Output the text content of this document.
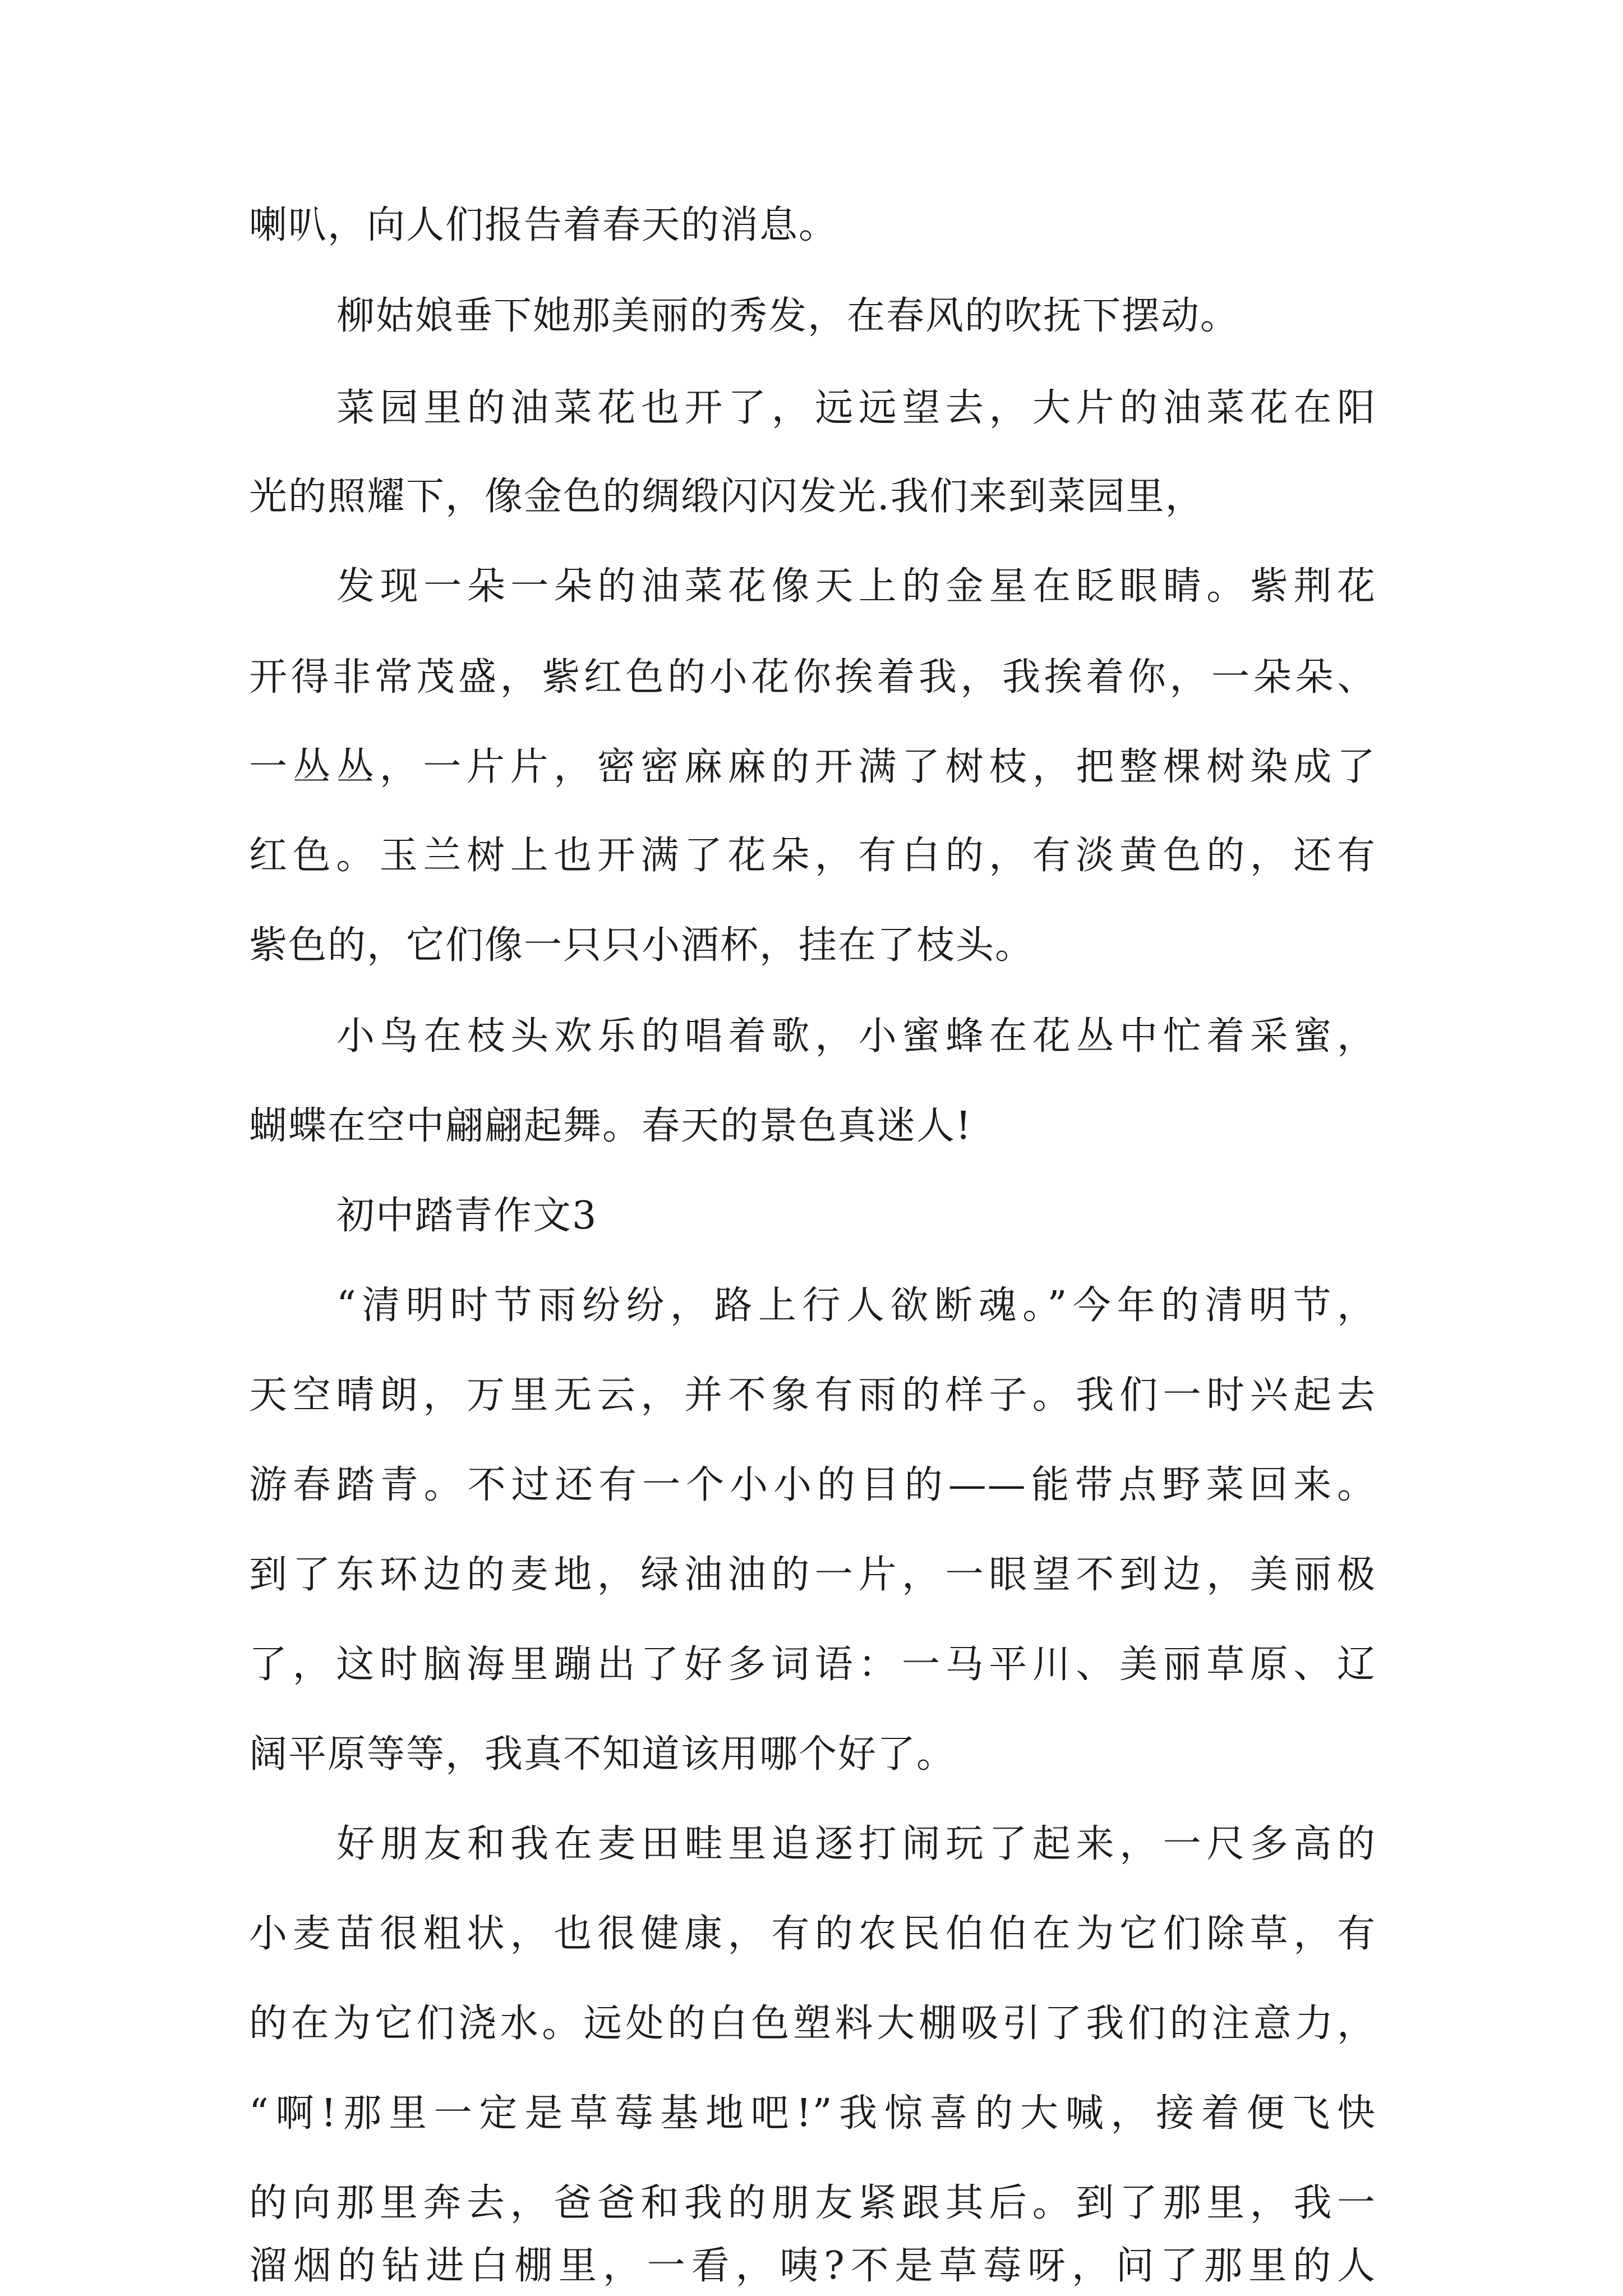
喇叭，向人们报告着春天的消息。
柳姑娘垂下她那美丽的秀发，在春风的吹抚下摆动。
菜园里的油菜花也开了，远远望去，大片的油菜花在阳
光的照耀下，像金色的绸缎闪闪发光.我们来到菜园里，
发现一朵一朵的油菜花像天上的金星在眨眼睛。紫荆花
开得非常茂盛，紫红色的小花你挨着我，我挨着你，一朵朵、
一丛丛，一片片，密密麻麻的开满了树枝，把整棵树染成了
红色。玉兰树上也开满了花朵，有白的，有淡黄色的，还有
紫色的，它们像一只只小酒杯，挂在了枝头。
小鸟在枝头欢乐的唱着歌，小蜜蜂在花丛中忙着采蜜，
蝴蝶在空中翩翩起舞。春天的景色真迷人!
初中踏青作文3
“清明时节雨纷纷，路上行人欲断魂。”今年的清明节，
天空晴朗，万里无云，并不象有雨的样子。我们一时兴起去
游春踏青。不过还有一个小小的目的——能带点野菜回来。
到了东环边的麦地，绿油油的一片，一眼望不到边，美丽极
了，这时脑海里蹦出了好多词语：一马平川、美丽草原、辽
阔平原等等，我真不知道该用哪个好了。
好朋友和我在麦田畦里追逐打闹玩了起来，一尺多高的
小麦苗很粗状，也很健康，有的农民伯伯在为它们除草，有
的在为它们浇水。远处的白色塑料大棚吸引了我们的注意力，
“啊!那里一定是草莓基地吧!”我惊喜的大喊，接着便飞快
的向那里奔去，爸爸和我的朋友紧跟其后。到了那里，我一
溜烟的钻进白棚里，一看，咦?不是草莓呀，问了那里的人
